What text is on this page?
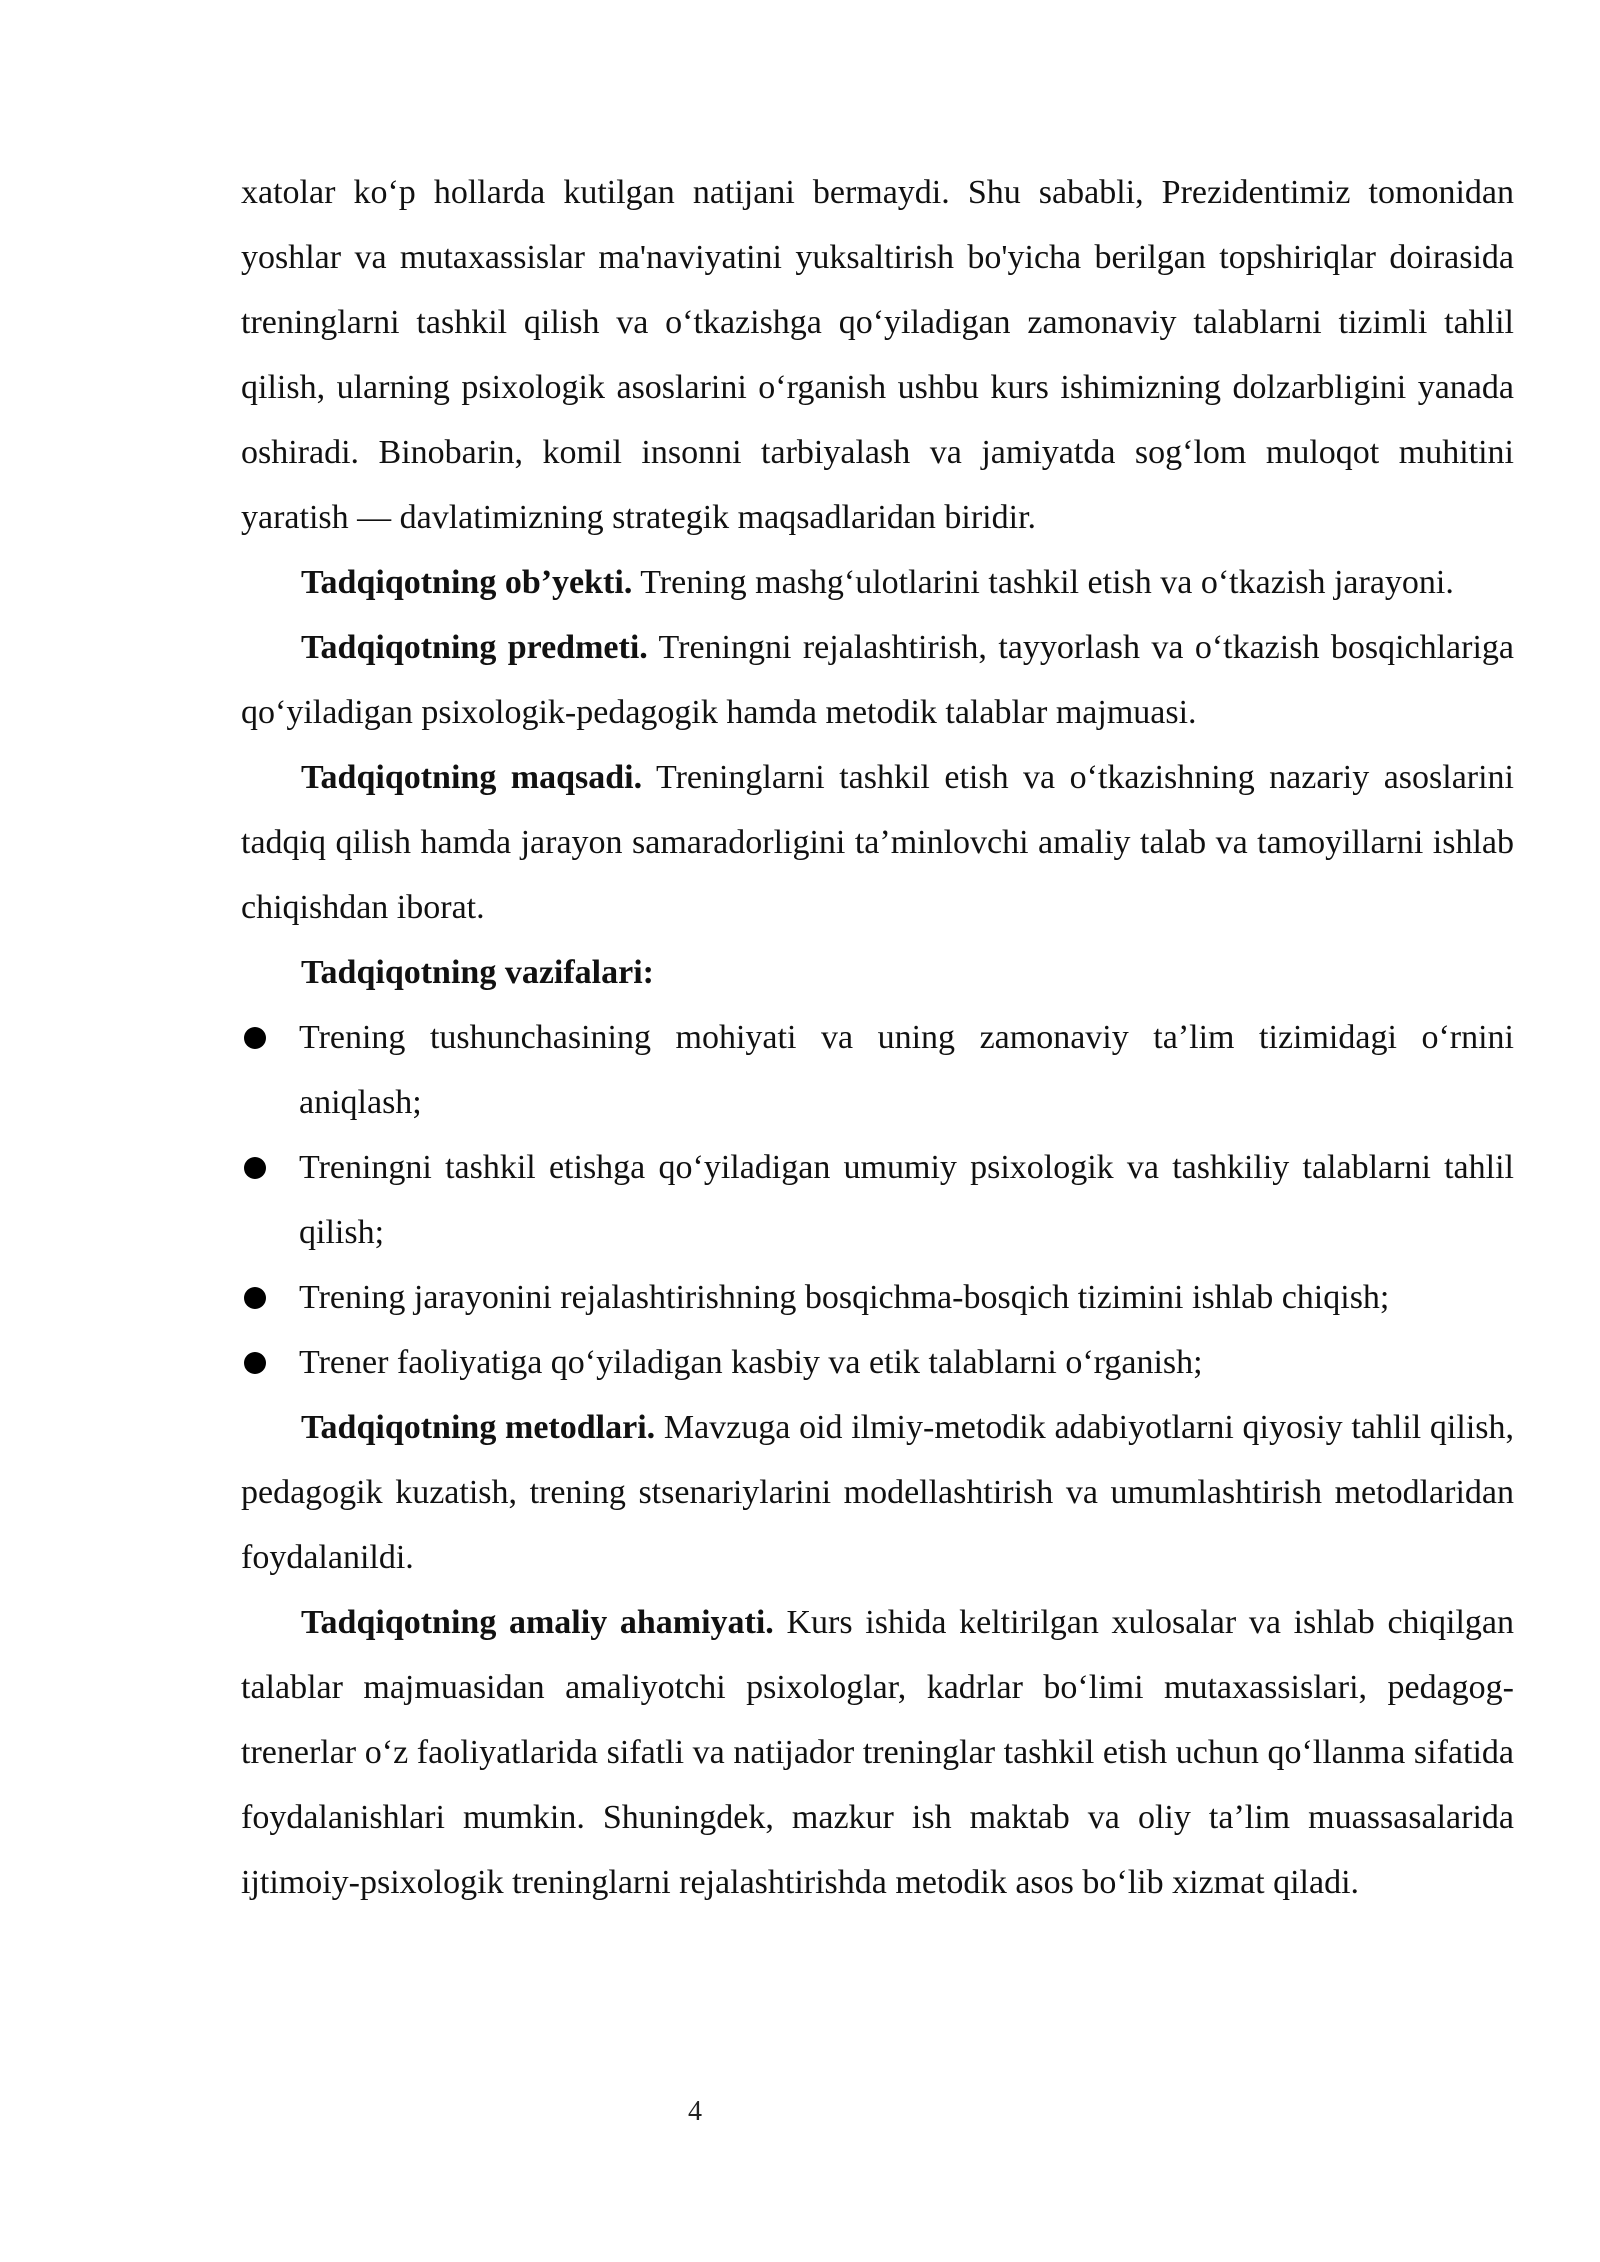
xatolar koʻp hollarda kutilgan natijani bermaydi. Shu sababli, Prezidentimiz tomonidan yoshlar va mutaxassislar ma'naviyatini yuksaltirish bo'yicha berilgan topshiriqlar doirasida treninglarni tashkil qilish va oʻtkazishga qoʻyiladigan zamonaviy talablarni tizimli tahlil qilish, ularning psixologik asoslarini oʻrganish ushbu kurs ishimizning dolzarbligini yanada oshiradi. Binobarin, komil insonni tarbiyalash va jamiyatda sogʻlom muloqot muhitini yaratish — davlatimizning strategik maqsadlaridan biridir.

Tadqiqotning obʼyekti. Trening mashgʻulotlarini tashkil etish va oʻtkazish jarayoni.

Tadqiqotning predmeti. Treningni rejalashtirish, tayyorlash va oʻtkazish bosqichlariga qoʻyiladigan psixologik-pedagogik hamda metodik talablar majmuasi.

Tadqiqotning maqsadi. Treninglarni tashkil etish va oʻtkazishning nazariy asoslarini tadqiq qilish hamda jarayon samaradorligini taʼminlovchi amaliy talab va tamoyillarni ishlab chiqishdan iborat.

Tadqiqotning vazifalari:

Trening tushunchasining mohiyati va uning zamonaviy taʼlim tizimidagi oʻrnini aniqlash;
Treningni tashkil etishga qoʻyiladigan umumiy psixologik va tashkiliy talablarni tahlil qilish;
Trening jarayonini rejalashtirishning bosqichma-bosqich tizimini ishlab chiqish;
Trener faoliyatiga qoʻyiladigan kasbiy va etik talablarni oʻrganish;

Tadqiqotning metodlari. Mavzuga oid ilmiy-metodik adabiyotlarni qiyosiy tahlil qilish, pedagogik kuzatish, trening stsenariylarini modellashtirish va umumlashtirish metodlaridan foydalanildi.

Tadqiqotning amaliy ahamiyati. Kurs ishida keltirilgan xulosalar va ishlab chiqilgan talablar majmuasidan amaliyotchi psixologlar, kadrlar boʻlimi mutaxassislari, pedagog-trenerlar oʻz faoliyatlarida sifatli va natijador treninglar tashkil etish uchun qoʻllanma sifatida foydalanishlari mumkin. Shuningdek, mazkur ish maktab va oliy taʼlim muassasalarida ijtimoiy-psixologik treninglarni rejalashtirishda metodik asos boʻlib xizmat qiladi.

4
